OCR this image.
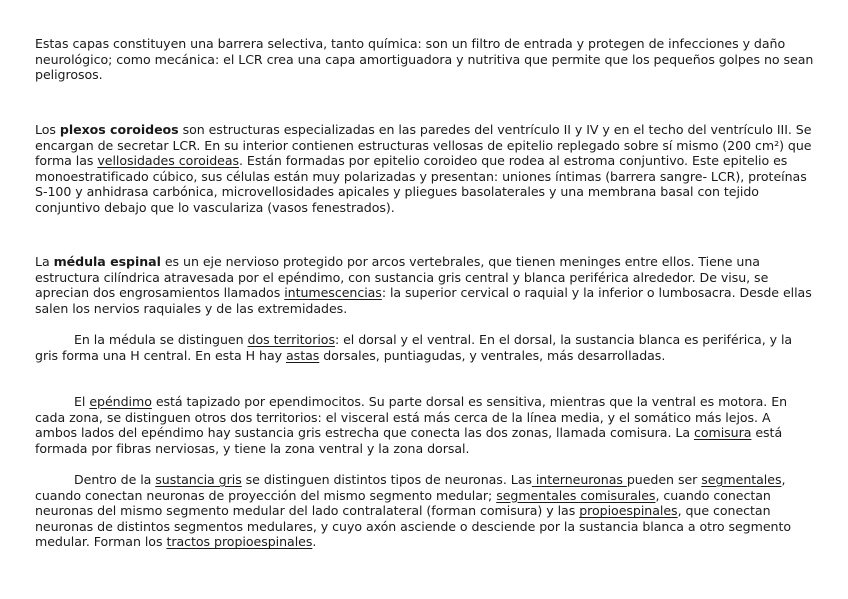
Estas capas constituyen una barrera selectiva, tanto química: son un filtro de entrada y protegen de infecciones y daño neurológico; como mecánica: el LCR crea una capa amortiguadora y nutritiva que permite que los pequeños golpes no sean peligrosos.

Los plexos coroideos son estructuras especializadas en las paredes del ventrículo II y IV y en el techo del ventrículo III. Se encargan de secretar LCR. En su interior contienen estructuras vellosas de epitelio replegado sobre sí mismo (200 cm²) que forma las vellosidades coroideas. Están formadas por epitelio coroideo que rodea al estroma conjuntivo. Este epitelio es monoestratificado cúbico, sus células están muy polarizadas y presentan: uniones íntimas (barrera sangre- LCR), proteínas S-100 y anhidrasa carbónica, microvellosidades apicales y pliegues basolaterales y una membrana basal con tejido conjuntivo debajo que lo vasculariza (vasos fenestrados).

La médula espinal es un eje nervioso protegido por arcos vertebrales, que tienen meninges entre ellos. Tiene una estructura cilíndrica atravesada por el epéndimo, con sustancia gris central y blanca periférica alrededor. De visu, se aprecian dos engrosamientos llamados intumescencias: la superior cervical o raquial y la inferior o lumbosacra. Desde ellas salen los nervios raquiales y de las extremidades.

En la médula se distinguen dos territorios: el dorsal y el ventral. En el dorsal, la sustancia blanca es periférica, y la gris forma una H central. En esta H hay astas dorsales, puntiagudas, y ventrales, más desarrolladas.

El epéndimo está tapizado por ependimocitos. Su parte dorsal es sensitiva, mientras que la ventral es motora. En cada zona, se distinguen otros dos territorios: el visceral está más cerca de la línea media, y el somático más lejos. A ambos lados del epéndimo hay sustancia gris estrecha que conecta las dos zonas, llamada comisura. La comisura está formada por fibras nerviosas, y tiene la zona ventral y la zona dorsal.

Dentro de la sustancia gris se distinguen distintos tipos de neuronas. Las interneuronas pueden ser segmentales, cuando conectan neuronas de proyección del mismo segmento medular; segmentales comisurales, cuando conectan neuronas del mismo segmento medular del lado contralateral (forman comisura) y las propioespinales, que conectan neuronas de distintos segmentos medulares, y cuyo axón asciende o desciende por la sustancia blanca a otro segmento medular. Forman los tractos propioespinales.
